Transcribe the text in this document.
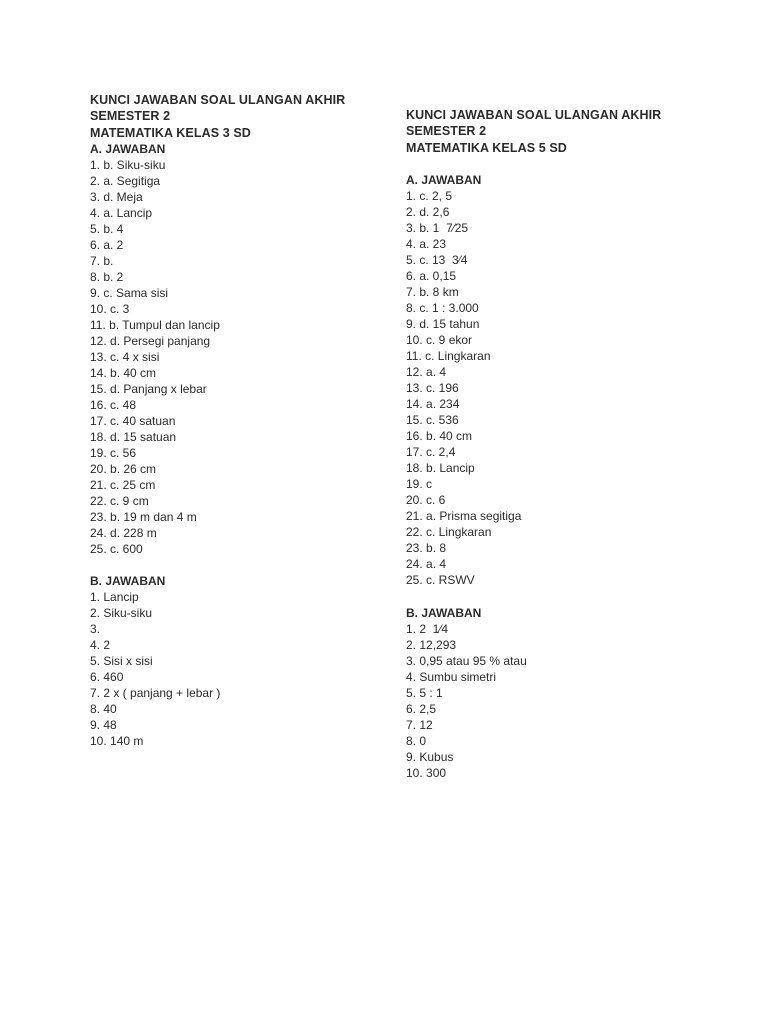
KUNCI JAWABAN SOAL ULANGAN AKHIR
SEMESTER 2
MATEMATIKA KELAS 3 SD
A. JAWABAN
1. b. Siku-siku
2. a. Segitiga
3. d. Meja
4. a. Lancip
5. b. 4
6. a. 2
7. b.
8. b. 2
9. c. Sama sisi
10. c. 3
11. b. Tumpul dan lancip
12. d. Persegi panjang
13. c. 4 x sisi
14. b. 40 cm
15. d. Panjang x lebar
16. c. 48
17. c. 40 satuan
18. d. 15 satuan
19. c. 56
20. b. 26 cm
21. c. 25 cm
22. c. 9 cm
23. b. 19 m dan 4 m
24. d. 228 m
25. c. 600
B. JAWABAN
1. Lancip
2. Siku-siku
3.
4. 2
5. Sisi x sisi
6. 460
7. 2 x ( panjang + lebar )
8. 40
9. 48
10. 140 m
KUNCI JAWABAN SOAL ULANGAN AKHIR
SEMESTER 2
MATEMATIKA KELAS 5 SD
A. JAWABAN
1. c. 2, 5
2. d. 2,6
3. b. 1  7⁄25
4. a. 23
5. c. 13  3⁄4
6. a. 0,15
7. b. 8 km
8. c. 1 : 3.000
9. d. 15 tahun
10. c. 9 ekor
11. c. Lingkaran
12. a. 4
13. c. 196
14. a. 234
15. c. 536
16. b. 40 cm
17. c. 2,4
18. b. Lancip
19. c
20. c. 6
21. a. Prisma segitiga
22. c. Lingkaran
23. b. 8
24. a. 4
25. c. RSWV
B. JAWABAN
1. 2  1⁄4
2. 12,293
3. 0,95 atau 95 % atau
4. Sumbu simetri
5. 5 : 1
6. 2,5
7. 12
8. 0
9. Kubus
10. 300
